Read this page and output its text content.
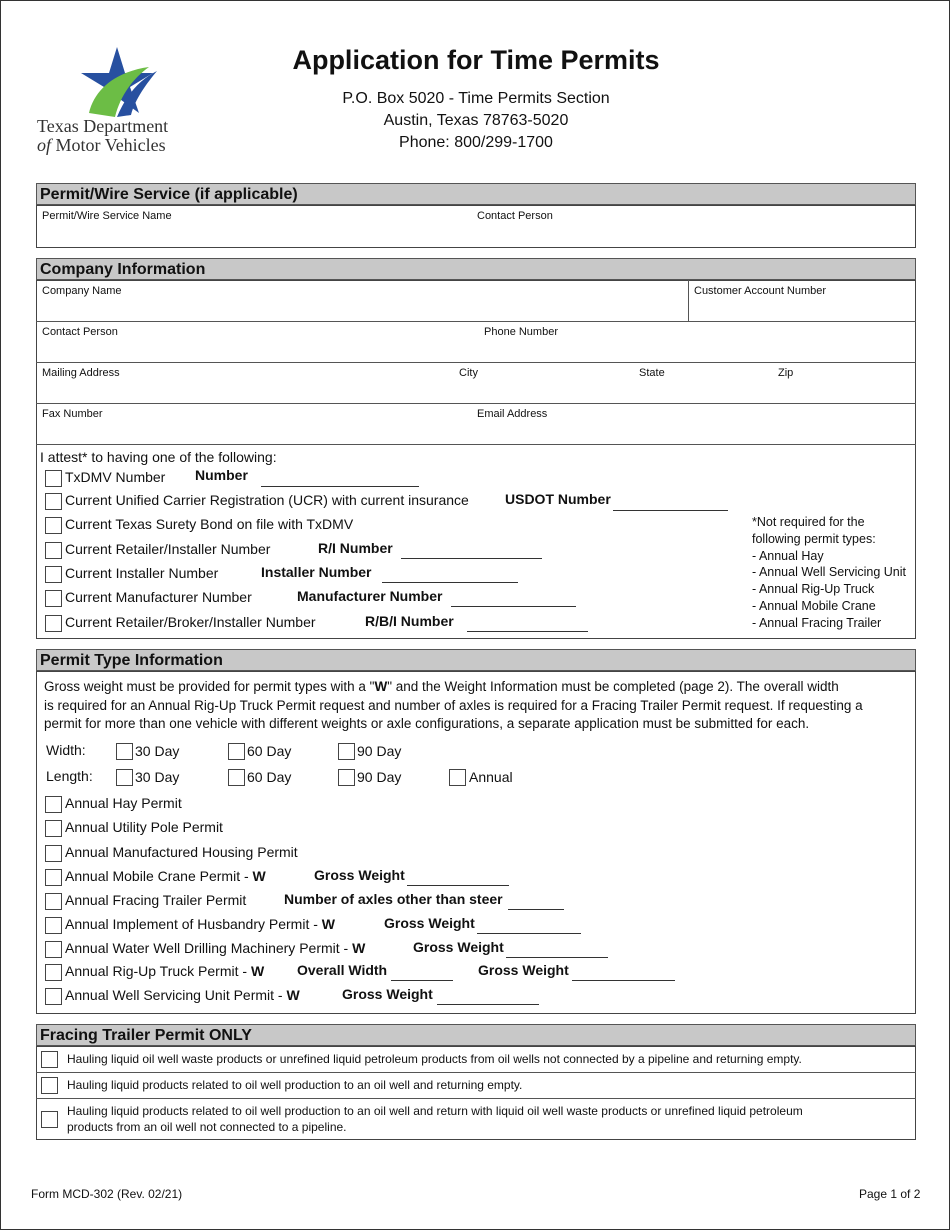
Texas Department
of Motor Vehicles
Application for Time Permits
P.O. Box 5020 - Time Permits Section
Austin, Texas 78763-5020
Phone: 800/299-1700
Permit/Wire Service (if applicable)
Permit/Wire Service Name	Contact Person
Company Information
Company Name	Customer Account Number
Contact Person	Phone Number
Mailing Address	City	State	Zip
Fax Number	Email Address
I attest* to having one of the following:
TxDMV Number Number
Current Unified Carrier Registration (UCR) with current insurance	USDOT Number
Current Texas Surety Bond on file with TxDMV
Current Retailer/Installer Number	R/I Number
Current Installer Number	Installer Number
Current Manufacturer Number	Manufacturer Number
Current Retailer/Broker/Installer Number	R/B/I Number
*Not required for the
following permit types:
- Annual Hay
- Annual Well Servicing Unit
- Annual Rig-Up Truck
- Annual Mobile Crane
- Annual Fracing Trailer
Permit Type Information
Gross weight must be provided for permit types with a "W" and the Weight Information must be completed (page 2). The overall width
is required for an Annual Rig-Up Truck Permit request and number of axles is required for a Fracing Trailer Permit request. If requesting a
permit for more than one vehicle with different weights or axle configurations, a separate application must be submitted for each.
Width:	30 Day	60 Day	90 Day
Length:	30 Day	60 Day	90 Day	Annual
Annual Hay Permit
Annual Utility Pole Permit
Annual Manufactured Housing Permit
Annual Mobile Crane Permit - W	Gross Weight
Annual Fracing Trailer Permit	Number of axles other than steer
Annual Implement of Husbandry Permit - W	Gross Weight
Annual Water Well Drilling Machinery Permit - W	Gross Weight
Annual Rig-Up Truck Permit - W Overall Width	Gross Weight
Annual Well Servicing Unit Permit - W	Gross Weight
Fracing Trailer Permit ONLY
Hauling liquid oil well waste products or unrefined liquid petroleum products from oil wells not connected by a pipeline and returning empty.
Hauling liquid products related to oil well production to an oil well and returning empty.
Hauling liquid products related to oil well production to an oil well and return with liquid oil well waste products or unrefined liquid petroleum
products from an oil well not connected to a pipeline.
Form MCD-302 (Rev. 02/21)	Page 1 of 2
